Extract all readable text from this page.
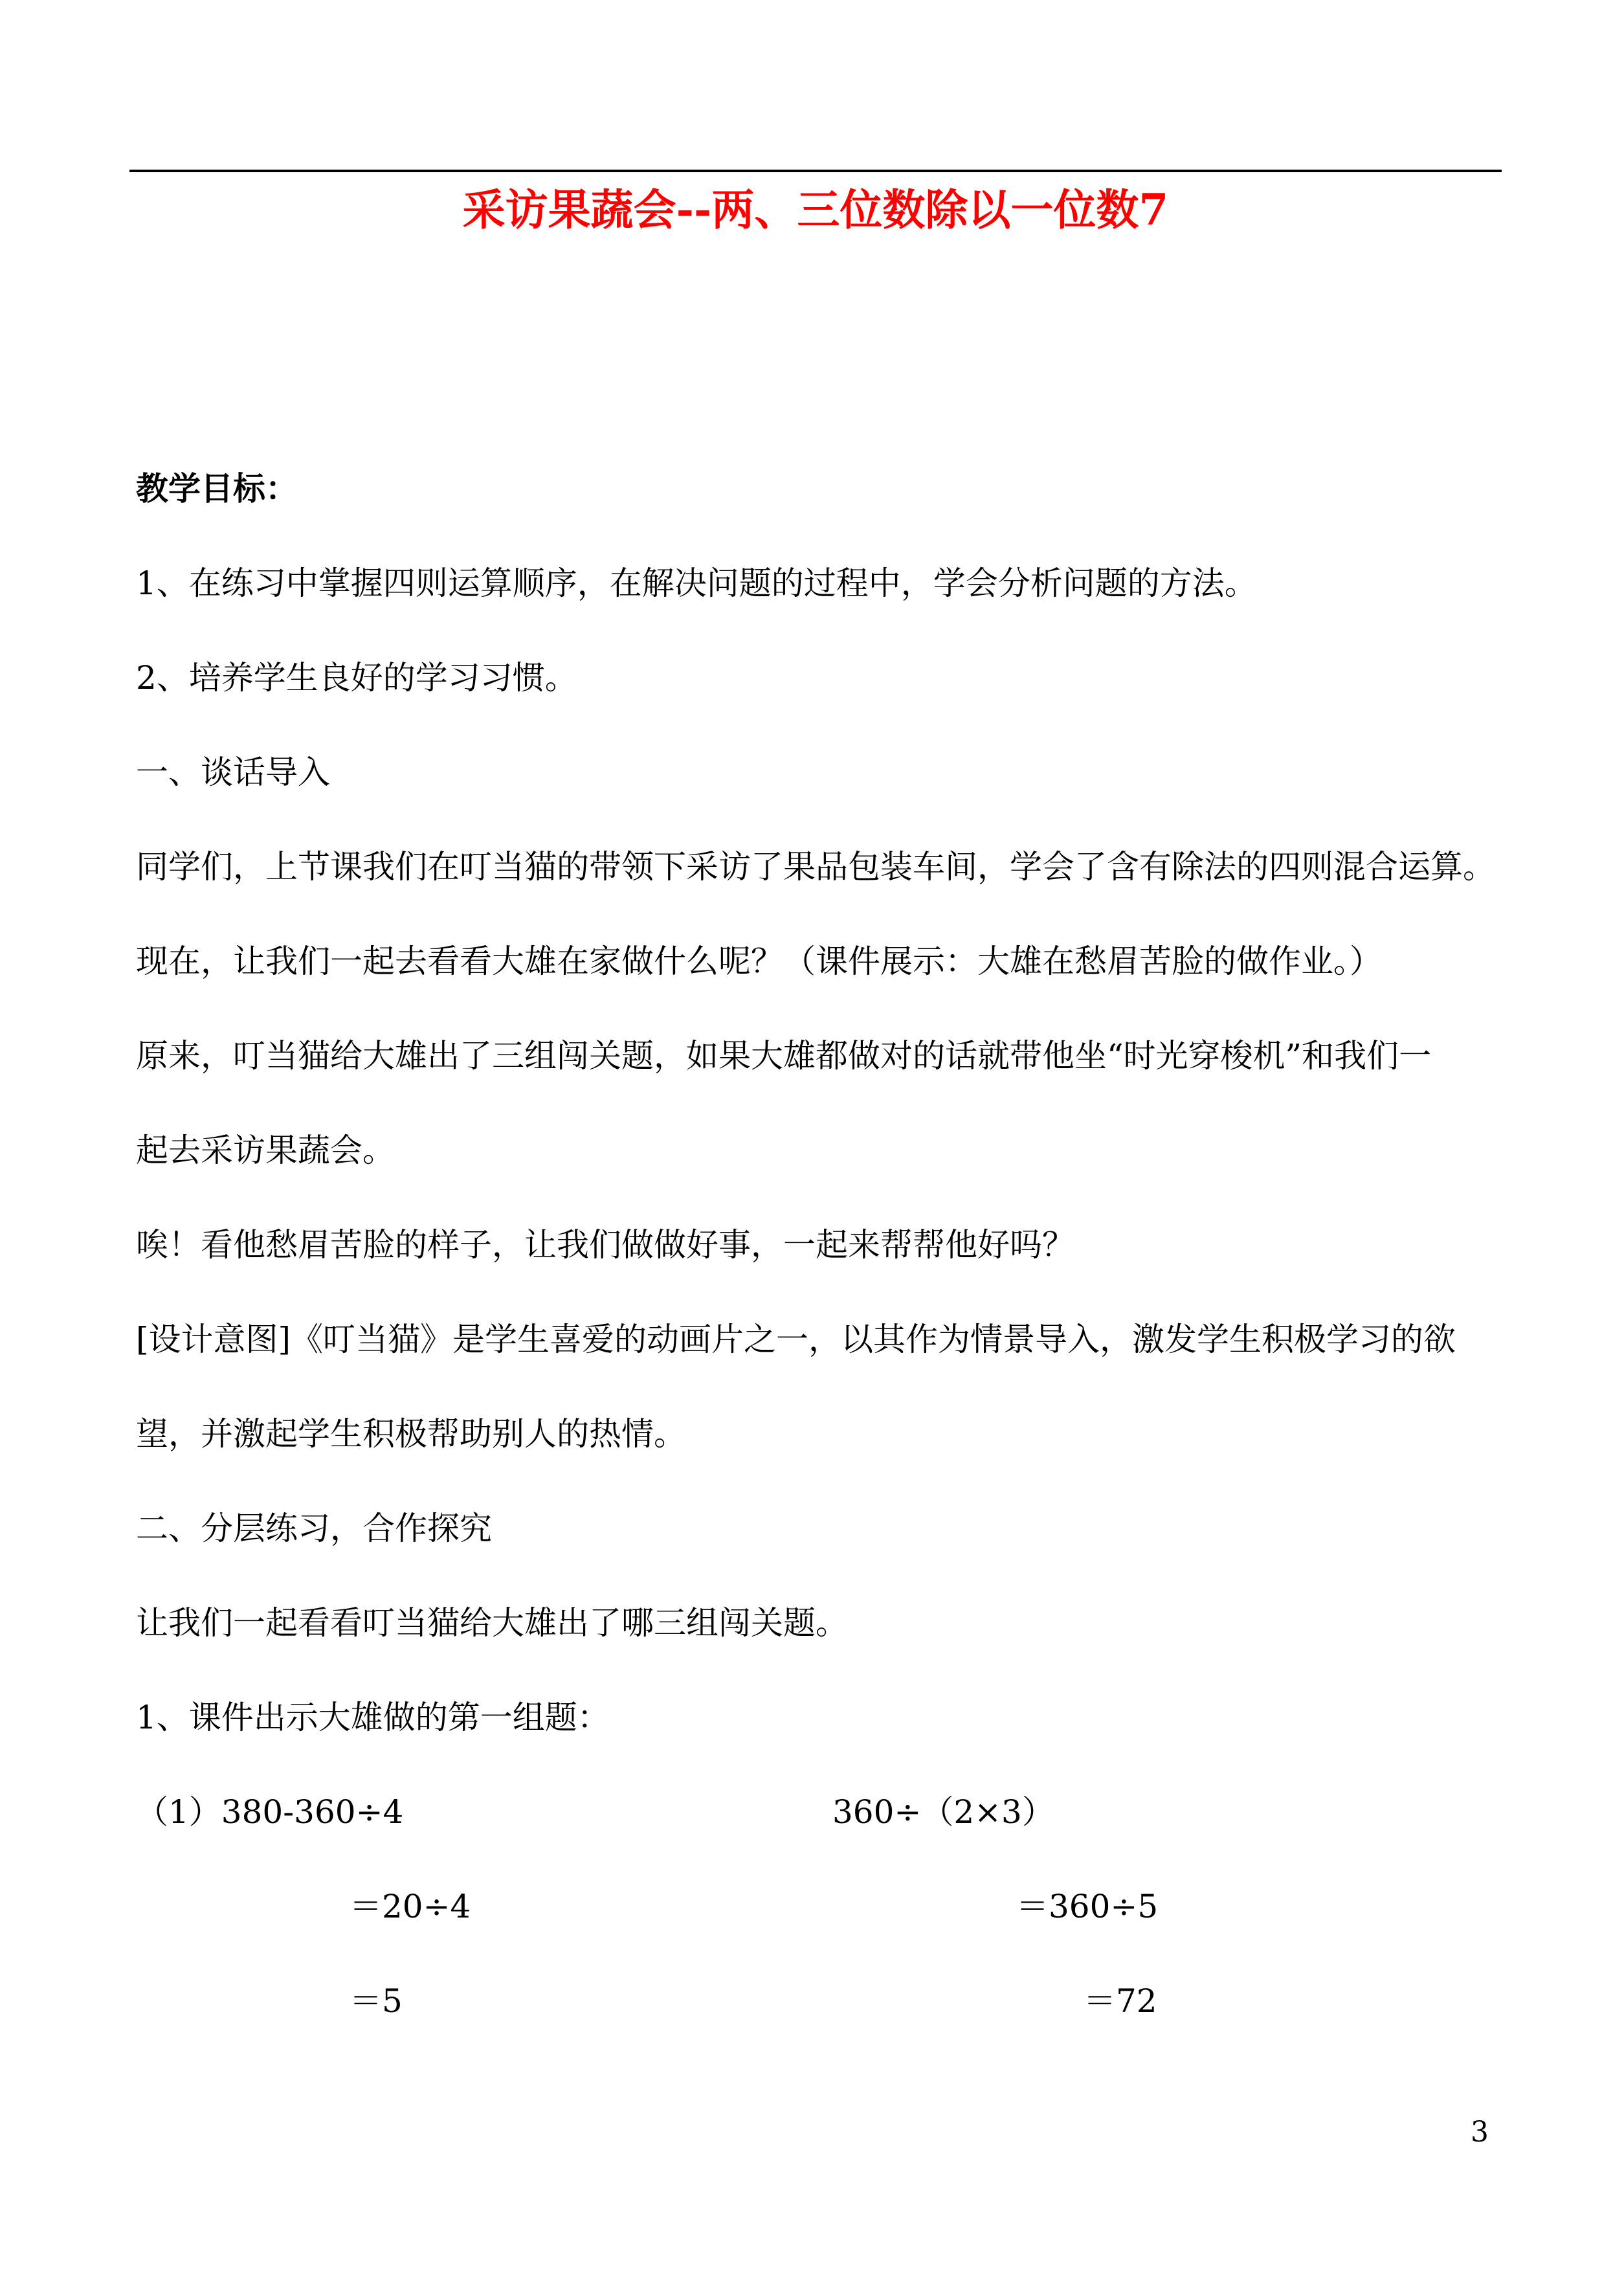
采访果蔬会--两、三位数除以一位数7
教学目标：
1、在练习中掌握四则运算顺序，在解决问题的过程中，学会分析问题的方法。
2、培养学生良好的学习习惯。
一、谈话导入
同学们，上节课我们在叮当猫的带领下采访了果品包装车间，学会了含有除法的四则混合运算。
现在，让我们一起去看看大雄在家做什么呢？（课件展示：大雄在愁眉苦脸的做作业。）
原来，叮当猫给大雄出了三组闯关题，如果大雄都做对的话就带他坐“时光穿梭机”和我们一
起去采访果蔬会。
唉！看他愁眉苦脸的样子，让我们做做好事，一起来帮帮他好吗？
[设计意图]《叮当猫》是学生喜爱的动画片之一，以其作为情景导入，激发学生积极学习的欲
望，并激起学生积极帮助别人的热情。
二、分层练习，合作探究
让我们一起看看叮当猫给大雄出了哪三组闯关题。
1、课件出示大雄做的第一组题：
（1）380-360÷4
＝20÷4
＝5
360÷（2×3）
＝360÷5
＝72
3
